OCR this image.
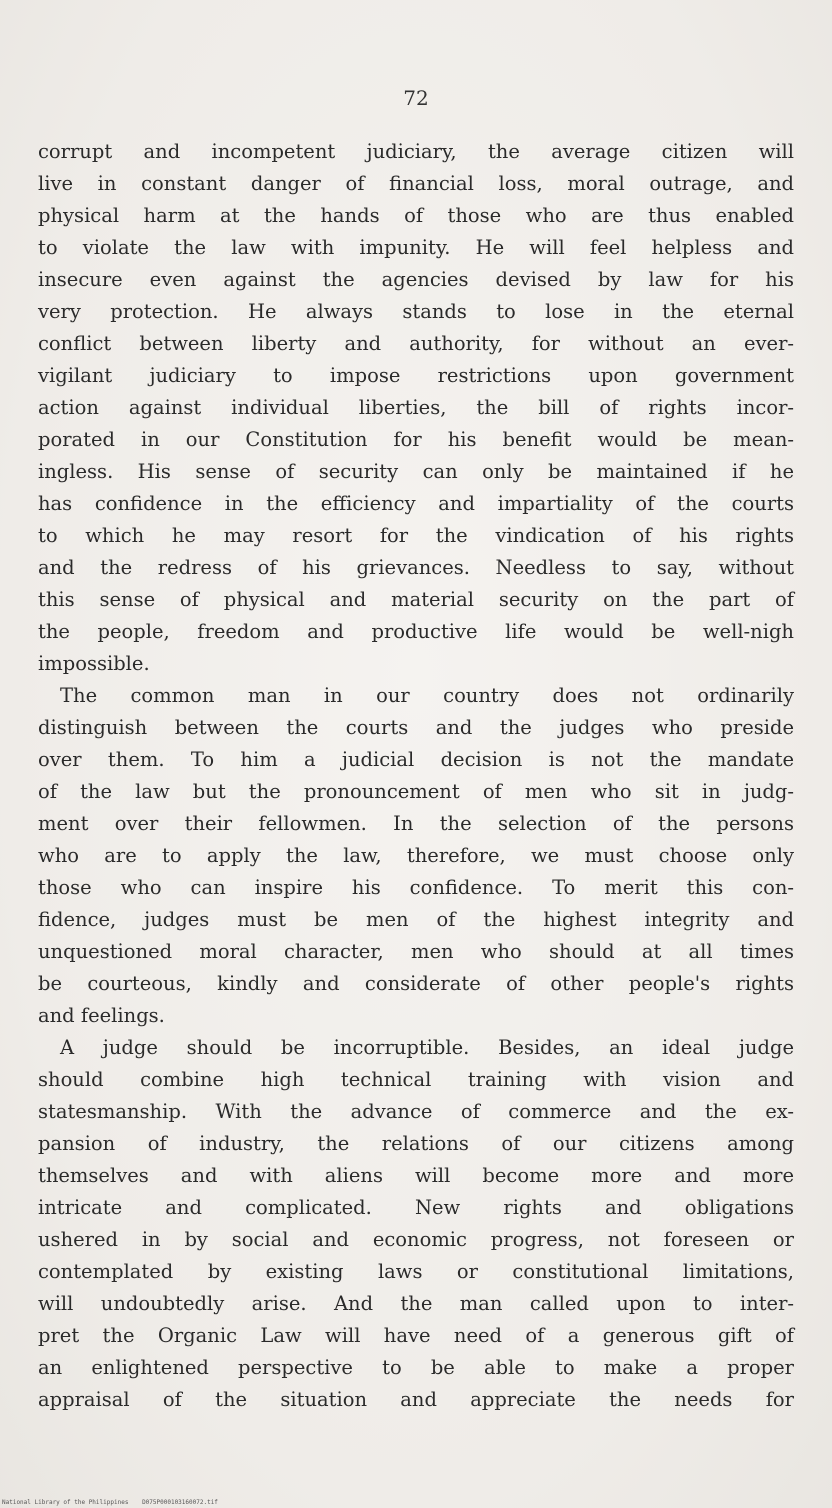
72
corrupt and incompetent judiciary, the average citizen will
live in constant danger of financial loss, moral outrage, and
physical harm at the hands of those who are thus enabled
to violate the law with impunity. He will feel helpless and
insecure even against the agencies devised by law for his
very protection. He always stands to lose in the eternal
conflict between liberty and authority, for without an ever-
vigilant judiciary to impose restrictions upon government
action against individual liberties, the bill of rights incor-
porated in our Constitution for his benefit would be mean-
ingless. His sense of security can only be maintained if he
has confidence in the efficiency and impartiality of the courts
to which he may resort for the vindication of his rights
and the redress of his grievances. Needless to say, without
this sense of physical and material security on the part of
the people, freedom and productive life would be well-nigh
impossible.
The common man in our country does not ordinarily
distinguish between the courts and the judges who preside
over them. To him a judicial decision is not the mandate
of the law but the pronouncement of men who sit in judg-
ment over their fellowmen. In the selection of the persons
who are to apply the law, therefore, we must choose only
those who can inspire his confidence. To merit this con-
fidence, judges must be men of the highest integrity and
unquestioned moral character, men who should at all times
be courteous, kindly and considerate of other people's rights
and feelings.
A judge should be incorruptible. Besides, an ideal judge
should combine high technical training with vision and
statesmanship. With the advance of commerce and the ex-
pansion of industry, the relations of our citizens among
themselves and with aliens will become more and more
intricate and complicated. New rights and obligations
ushered in by social and economic progress, not foreseen or
contemplated by existing laws or constitutional limitations,
will undoubtedly arise. And the man called upon to inter-
pret the Organic Law will have need of a generous gift of
an enlightened perspective to be able to make a proper
appraisal of the situation and appreciate the needs for
National Library of the Philippines D075P000103160072.tif
